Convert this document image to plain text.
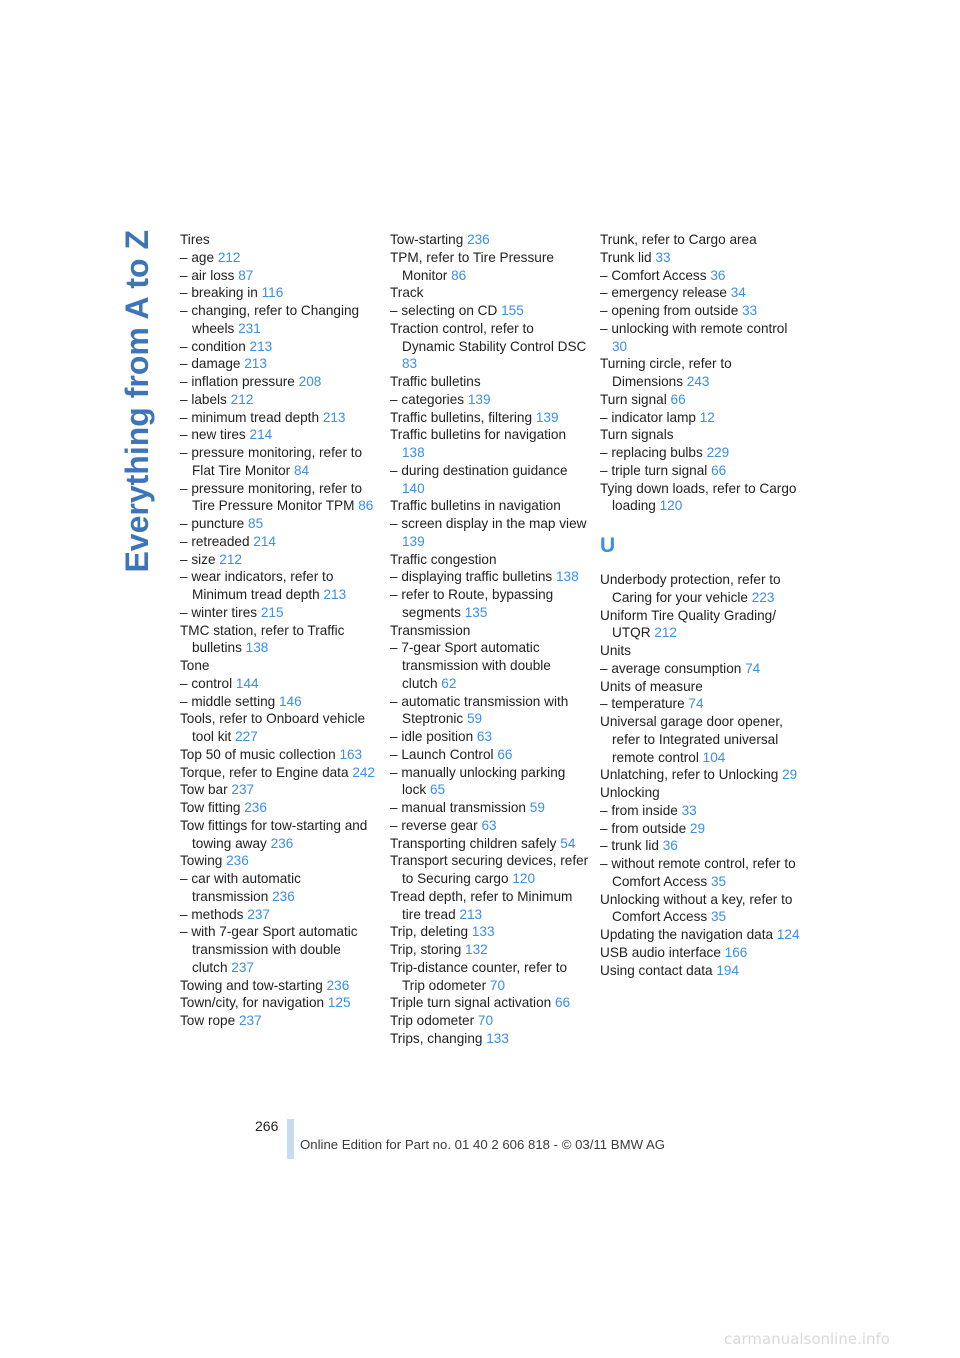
Everything from A to Z Tires
– age 212
– air loss 87
– breaking in 116
– changing, refer to Changing wheels 231
– condition 213
– damage 213
– inflation pressure 208
– labels 212
– minimum tread depth 213
– new tires 214
– pressure monitoring, refer to Flat Tire Monitor 84
– pressure monitoring, refer to Tire Pressure Monitor TPM 86
– puncture 85
– retreaded 214
– size 212
– wear indicators, refer to Minimum tread depth 213
– winter tires 215
TMC station, refer to Traffic bulletins 138
Tone
– control 144
– middle setting 146
Tools, refer to Onboard vehicle tool kit 227
Top 50 of music collection 163
Torque, refer to Engine data 242
Tow bar 237
Tow fitting 236
Tow fittings for tow-starting and towing away 236
Towing 236
– car with automatic transmission 236
– methods 237
– with 7-gear Sport automatic transmission with double clutch 237
Towing and tow-starting 236
Town/city, for navigation 125
Tow rope 237
Tow-starting 236
TPM, refer to Tire Pressure Monitor 86
Track
– selecting on CD 155
Traction control, refer to Dynamic Stability Control DSC 83
Traffic bulletins
– categories 139
Traffic bulletins, filtering 139
Traffic bulletins for navigation 138
– during destination guidance 140
Traffic bulletins in navigation
– screen display in the map view 139
Traffic congestion
– displaying traffic bulletins 138
– refer to Route, bypassing segments 135
Transmission
– 7-gear Sport automatic transmission with double clutch 62
– automatic transmission with Steptronic 59
– idle position 63
– Launch Control 66
– manually unlocking parking lock 65
– manual transmission 59
– reverse gear 63
Transporting children safely 54
Transport securing devices, refer to Securing cargo 120
Tread depth, refer to Minimum tire tread 213
Trip, deleting 133
Trip, storing 132
Trip-distance counter, refer to Trip odometer 70
Triple turn signal activation 66
Trip odometer 70
Trips, changing 133
Trunk, refer to Cargo area
Trunk lid 33
– Comfort Access 36
– emergency release 34
– opening from outside 33
– unlocking with remote control 30
Turning circle, refer to Dimensions 243
Turn signal 66
– indicator lamp 12
Turn signals
– replacing bulbs 229
– triple turn signal 66
Tying down loads, refer to Cargo loading 120
U
Underbody protection, refer to Caring for your vehicle 223
Uniform Tire Quality Grading/ UTQR 212
Units
– average consumption 74
Units of measure
– temperature 74
Universal garage door opener, refer to Integrated universal remote control 104
Unlatching, refer to Unlocking 29
Unlocking
– from inside 33
– from outside 29
– trunk lid 36
– without remote control, refer to Comfort Access 35
Unlocking without a key, refer to Comfort Access 35
Updating the navigation data 124
USB audio interface 166
Using contact data 194
266
Online Edition for Part no. 01 40 2 606 818 - © 03/11 BMW AG
carmanualsonline.info
